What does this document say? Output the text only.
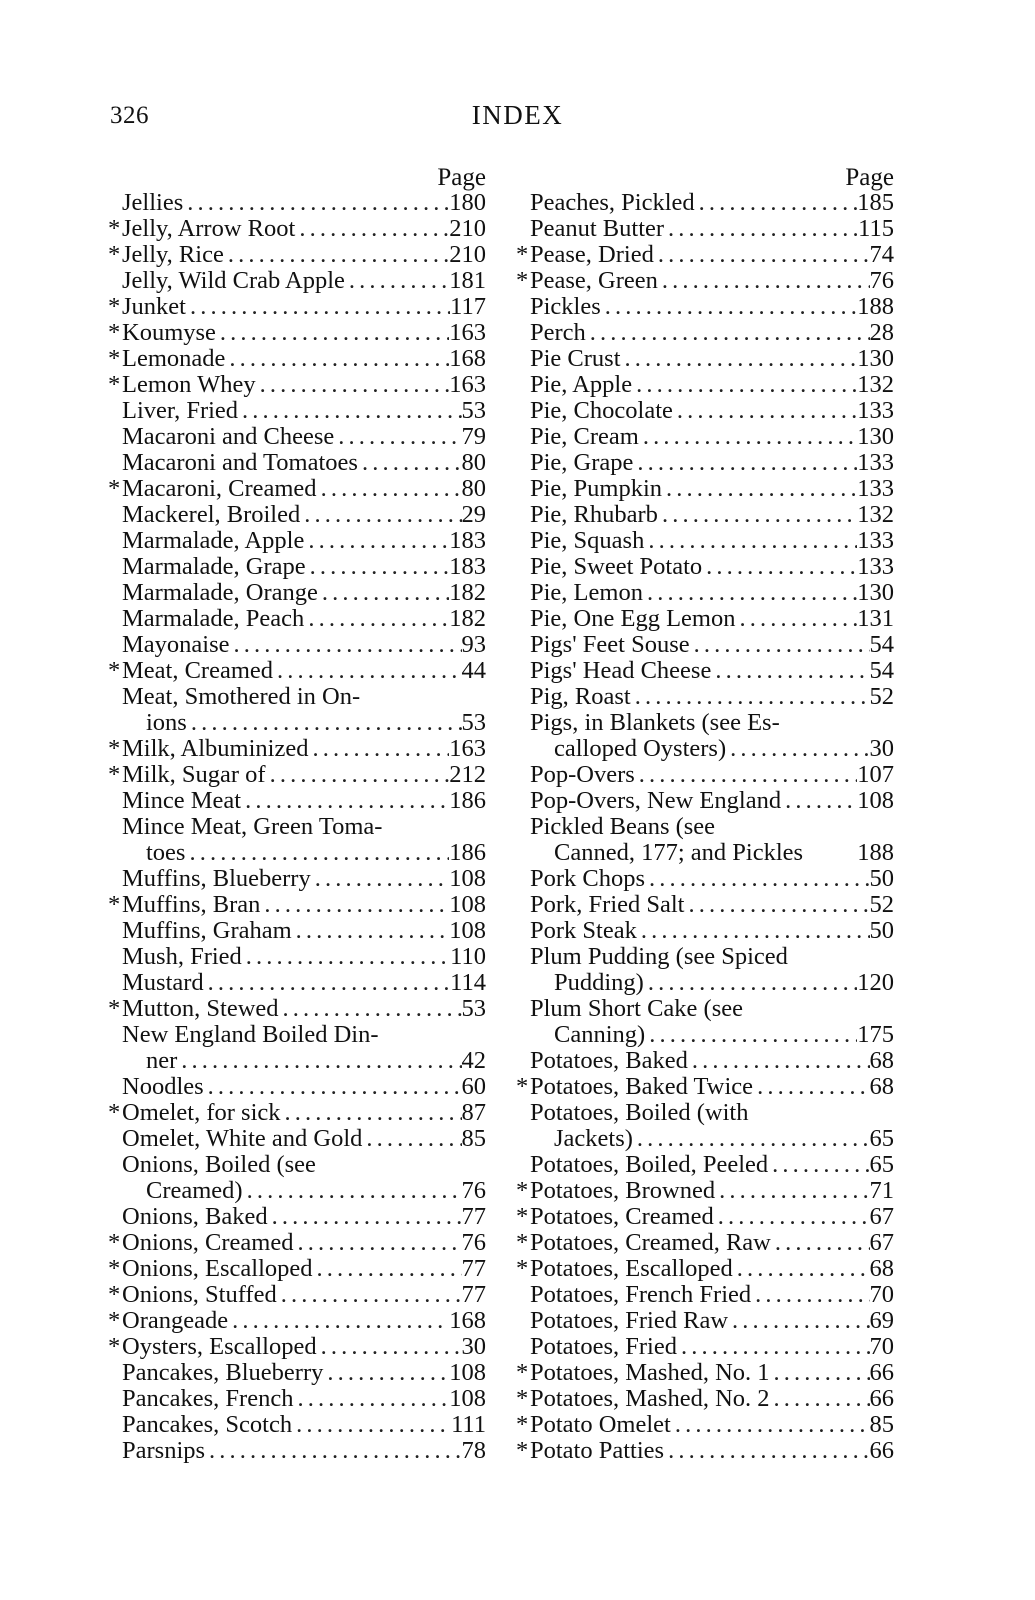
326	INDEX
Page
Jellies . . .	180
* Jelly, Arrow Root . . .	210
* Jelly, Rice . . .	210
Jelly, Wild Crab Apple . . .	181
* Junket . . .	117
* Koumyse . . .	163
* Lemonade . . .	168
* Lemon Whey . . .	163
Liver, Fried . . .	53
Macaroni and Cheese . . .	79
Macaroni and Tomatoes . . .	80
* Macaroni, Creamed . . .	80
Mackerel, Broiled . . .	29
Marmalade, Apple . . .	183
Marmalade, Grape . . .	183
Marmalade, Orange . . .	182
Marmalade, Peach . . .	182
Mayonaise . . .	93
* Meat, Creamed . . .	44
Meat, Smothered in On-
ions . . .	53
* Milk, Albuminized . . .	163
* Milk, Sugar of . . .	212
Mince Meat . . .	186
Mince Meat, Green Toma-
toes . . .	186
Muffins, Blueberry . . .	108
* Muffins, Bran . . .	108
Muffins, Graham . . .	108
Mush, Fried . . .	110
Mustard . . .	114
* Mutton, Stewed . . .	53
New England Boiled Din-
ner . . .	42
Noodles . . .	60
* Omelet, for sick . . .	87
Omelet, White and Gold . . .	85
Onions, Boiled (see
Creamed) . . .	76
Onions, Baked . . .	77
* Onions, Creamed . . .	76
* Onions, Escalloped . . .	77
* Onions, Stuffed . . .	77
* Orangeade . . .	168
* Oysters, Escalloped . . .	30
Pancakes, Blueberry . . .	108
Pancakes, French . . .	108
Pancakes, Scotch . . .	111
Parsnips . . .	78
Page
Peaches, Pickled . . .	185
Peanut Butter . . .	115
* Pease, Dried . . .	74
* Pease, Green . . .	76
Pickles . . .	188
Perch . . .	28
Pie Crust . . .	130
Pie, Apple . . .	132
Pie, Chocolate . . .	133
Pie, Cream . . .	130
Pie, Grape . . .	133
Pie, Pumpkin . . .	133
Pie, Rhubarb . . .	132
Pie, Squash . . .	133
Pie, Sweet Potato . . .	133
Pie, Lemon . . .	130
Pie, One Egg Lemon . . .	131
Pigs' Feet Souse . . .	54
Pigs' Head Cheese . . .	54
Pig, Roast . . .	52
Pigs, in Blankets (see Es-
calloped Oysters) . . .	30
Pop-Overs . . .	107
Pop-Overs, New England . . .	108
Pickled Beans (see
Canned, 177; and Pickles 188
Pork Chops . . .	50
Pork, Fried Salt . . .	52
Pork Steak . . .	50
Plum Pudding (see Spiced
Pudding) . . .	120
Plum Short Cake (see
Canning) . . .	175
Potatoes, Baked . . .	68
* Potatoes, Baked Twice . . .	68
Potatoes, Boiled (with
Jackets) . . .	65
Potatoes, Boiled, Peeled . . .	65
* Potatoes, Browned . . .	71
* Potatoes, Creamed . . .	67
* Potatoes, Creamed, Raw . . .	67
* Potatoes, Escalloped . . .	68
Potatoes, French Fried . . .	70
Potatoes, Fried Raw . . .	69
Potatoes, Fried . . .	70
* Potatoes, Mashed, No. 1 . . .	66
* Potatoes, Mashed, No. 2 . . .	66
* Potato Omelet . . .	85
* Potato Patties . . .	66
